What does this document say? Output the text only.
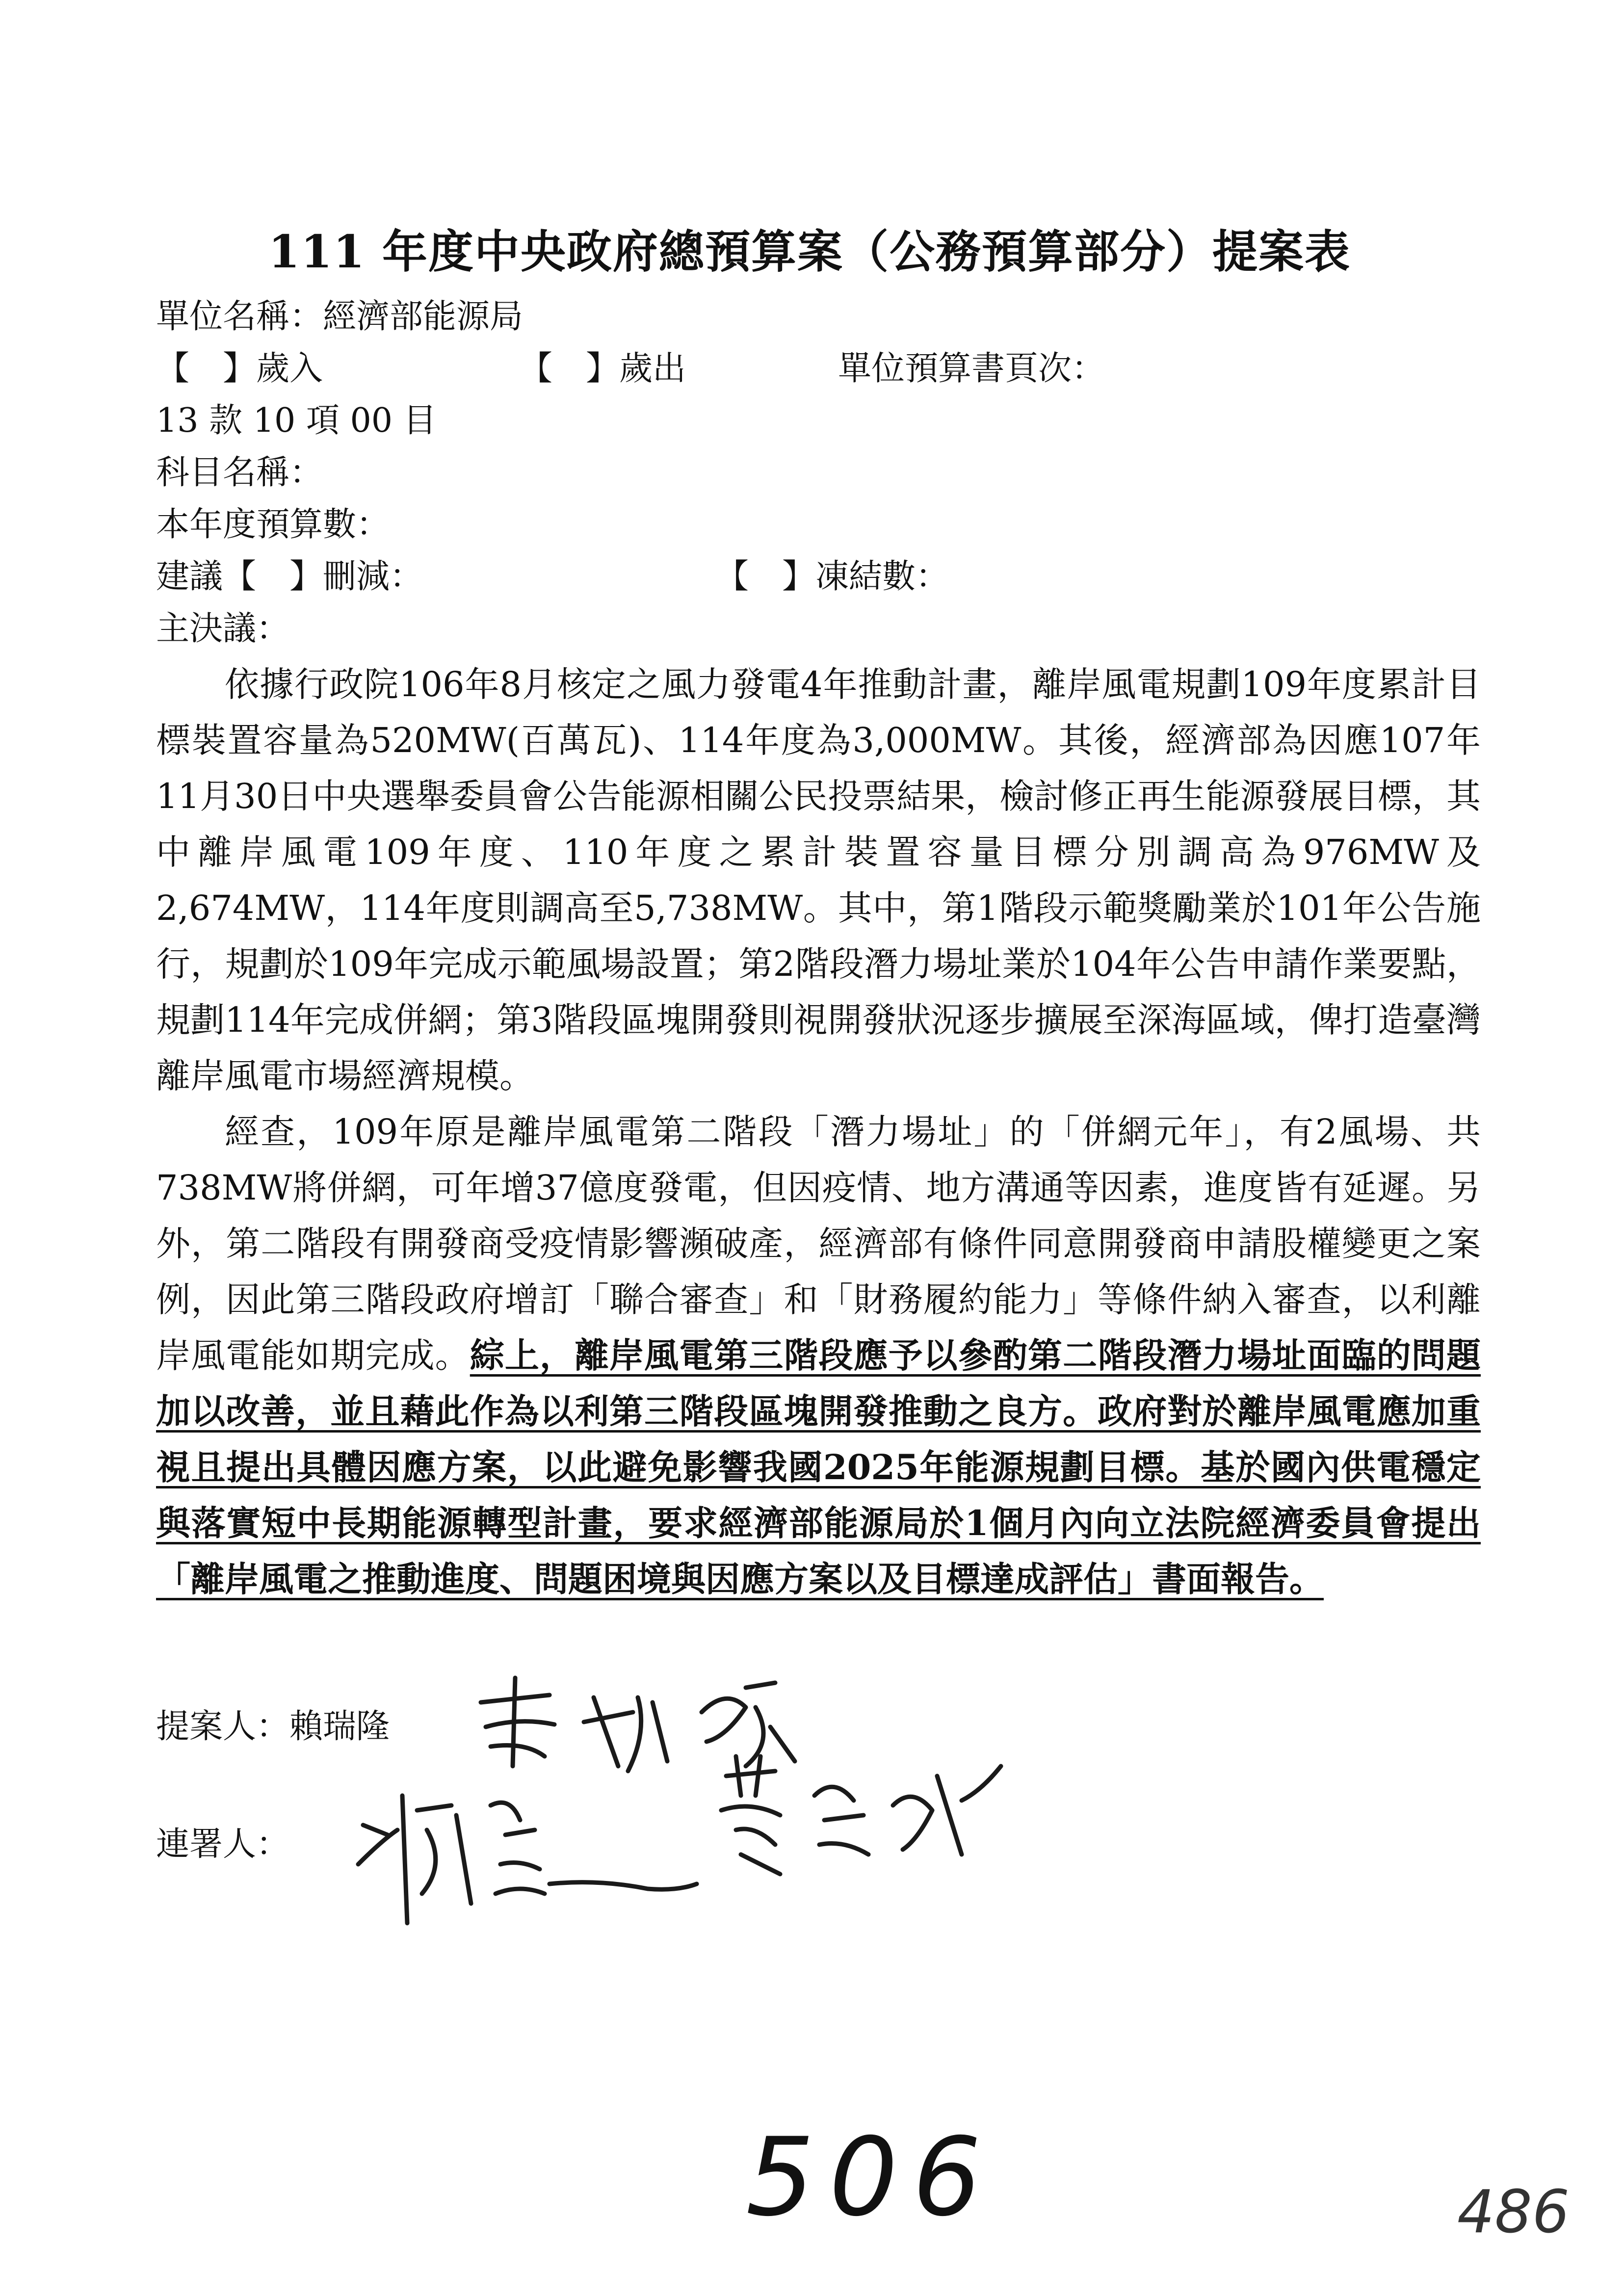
111 年度中央政府總預算案（公務預算部分）提案表
單位名稱：經濟部能源局
【　】歲入	【　】歲出	單位預算書頁次：
13 款 10 項 00 目
科目名稱：
本年度預算數：
建議【　】刪減：	【　】凍結數：
主決議：

依據行政院106年8月核定之風力發電4年推動計畫，離岸風電規劃109年度累計目標裝置容量為520MW(百萬瓦)、114年度為3,000MW。其後，經濟部為因應107年11月30日中央選舉委員會公告能源相關公民投票結果，檢討修正再生能源發展目標，其中離岸風電109年度、110年度之累計裝置容量目標分別調高為976MW及2,674MW，114年度則調高至5,738MW。其中，第1階段示範獎勵業於101年公告施行，規劃於109年完成示範風場設置；第2階段潛力場址業於104年公告申請作業要點，規劃114年完成併網；第3階段區塊開發則視開發狀況逐步擴展至深海區域，俾打造臺灣離岸風電市場經濟規模。

經查，109年原是離岸風電第二階段「潛力場址」的「併網元年」，有2風場、共738MW將併網，可年增37億度發電，但因疫情、地方溝通等因素，進度皆有延遲。另外，第二階段有開發商受疫情影響瀕破產，經濟部有條件同意開發商申請股權變更之案例，因此第三階段政府增訂「聯合審查」和「財務履約能力」等條件納入審查，以利離岸風電能如期完成。綜上，離岸風電第三階段應予以參酌第二階段潛力場址面臨的問題加以改善，並且藉此作為以利第三階段區塊開發推動之良方。政府對於離岸風電應加重視且提出具體因應方案，以此避免影響我國2025年能源規劃目標。基於國內供電穩定與落實短中長期能源轉型計畫，要求經濟部能源局於1個月內向立法院經濟委員會提出「離岸風電之推動進度、問題困境與因應方案以及目標達成評估」書面報告。

提案人：賴瑞隆
連署人：
506	486
